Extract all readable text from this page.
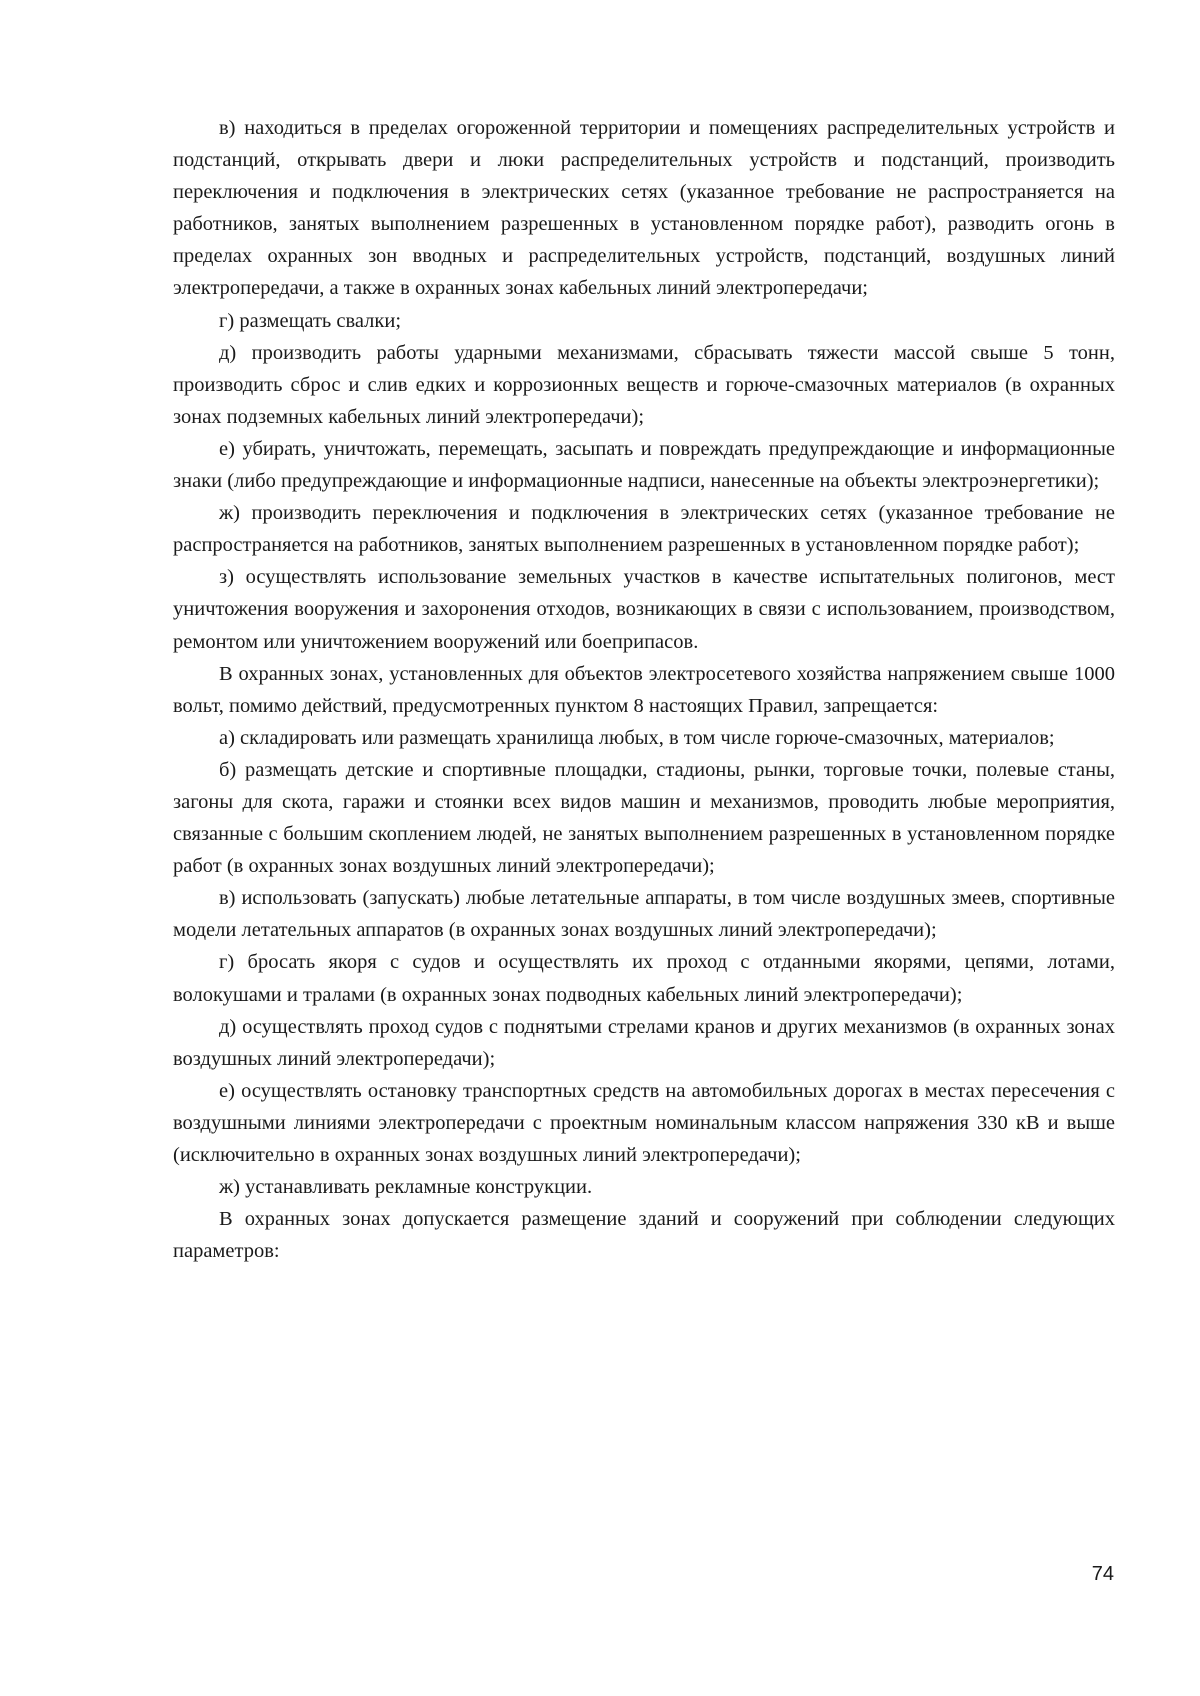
в) находиться в пределах огороженной территории и помещениях распределительных устройств и подстанций, открывать двери и люки распределительных устройств и подстанций, производить переключения и подключения в электрических сетях (указанное требование не распространяется на работников, занятых выполнением разрешенных в установленном порядке работ), разводить огонь в пределах охранных зон вводных и распределительных устройств, подстанций, воздушных линий электропередачи, а также в охранных зонах кабельных линий электропередачи;

г) размещать свалки;

д) производить работы ударными механизмами, сбрасывать тяжести массой свыше 5 тонн, производить сброс и слив едких и коррозионных веществ и горюче-смазочных материалов (в охранных зонах подземных кабельных линий электропередачи);

е) убирать, уничтожать, перемещать, засыпать и повреждать предупреждающие и информационные знаки (либо предупреждающие и информационные надписи, нанесенные на объекты электроэнергетики);

ж) производить переключения и подключения в электрических сетях (указанное требование не распространяется на работников, занятых выполнением разрешенных в установленном порядке работ);

з) осуществлять использование земельных участков в качестве испытательных полигонов, мест уничтожения вооружения и захоронения отходов, возникающих в связи с использованием, производством, ремонтом или уничтожением вооружений или боеприпасов.

В охранных зонах, установленных для объектов электросетевого хозяйства напряжением свыше 1000 вольт, помимо действий, предусмотренных пунктом 8 настоящих Правил, запрещается:

а) складировать или размещать хранилища любых, в том числе горюче-смазочных, материалов;

б) размещать детские и спортивные площадки, стадионы, рынки, торговые точки, полевые станы, загоны для скота, гаражи и стоянки всех видов машин и механизмов, проводить любые мероприятия, связанные с большим скоплением людей, не занятых выполнением разрешенных в установленном порядке работ (в охранных зонах воздушных линий электропередачи);

в) использовать (запускать) любые летательные аппараты, в том числе воздушных змеев, спортивные модели летательных аппаратов (в охранных зонах воздушных линий электропередачи);

г) бросать якоря с судов и осуществлять их проход с отданными якорями, цепями, лотами, волокушами и тралами (в охранных зонах подводных кабельных линий электропередачи);

д) осуществлять проход судов с поднятыми стрелами кранов и других механизмов (в охранных зонах воздушных линий электропередачи);

е) осуществлять остановку транспортных средств на автомобильных дорогах в местах пересечения с воздушными линиями электропередачи с проектным номинальным классом напряжения 330 кВ и выше (исключительно в охранных зонах воздушных линий электропередачи);

ж) устанавливать рекламные конструкции.

В охранных зонах допускается размещение зданий и сооружений при соблюдении следующих параметров:

74
